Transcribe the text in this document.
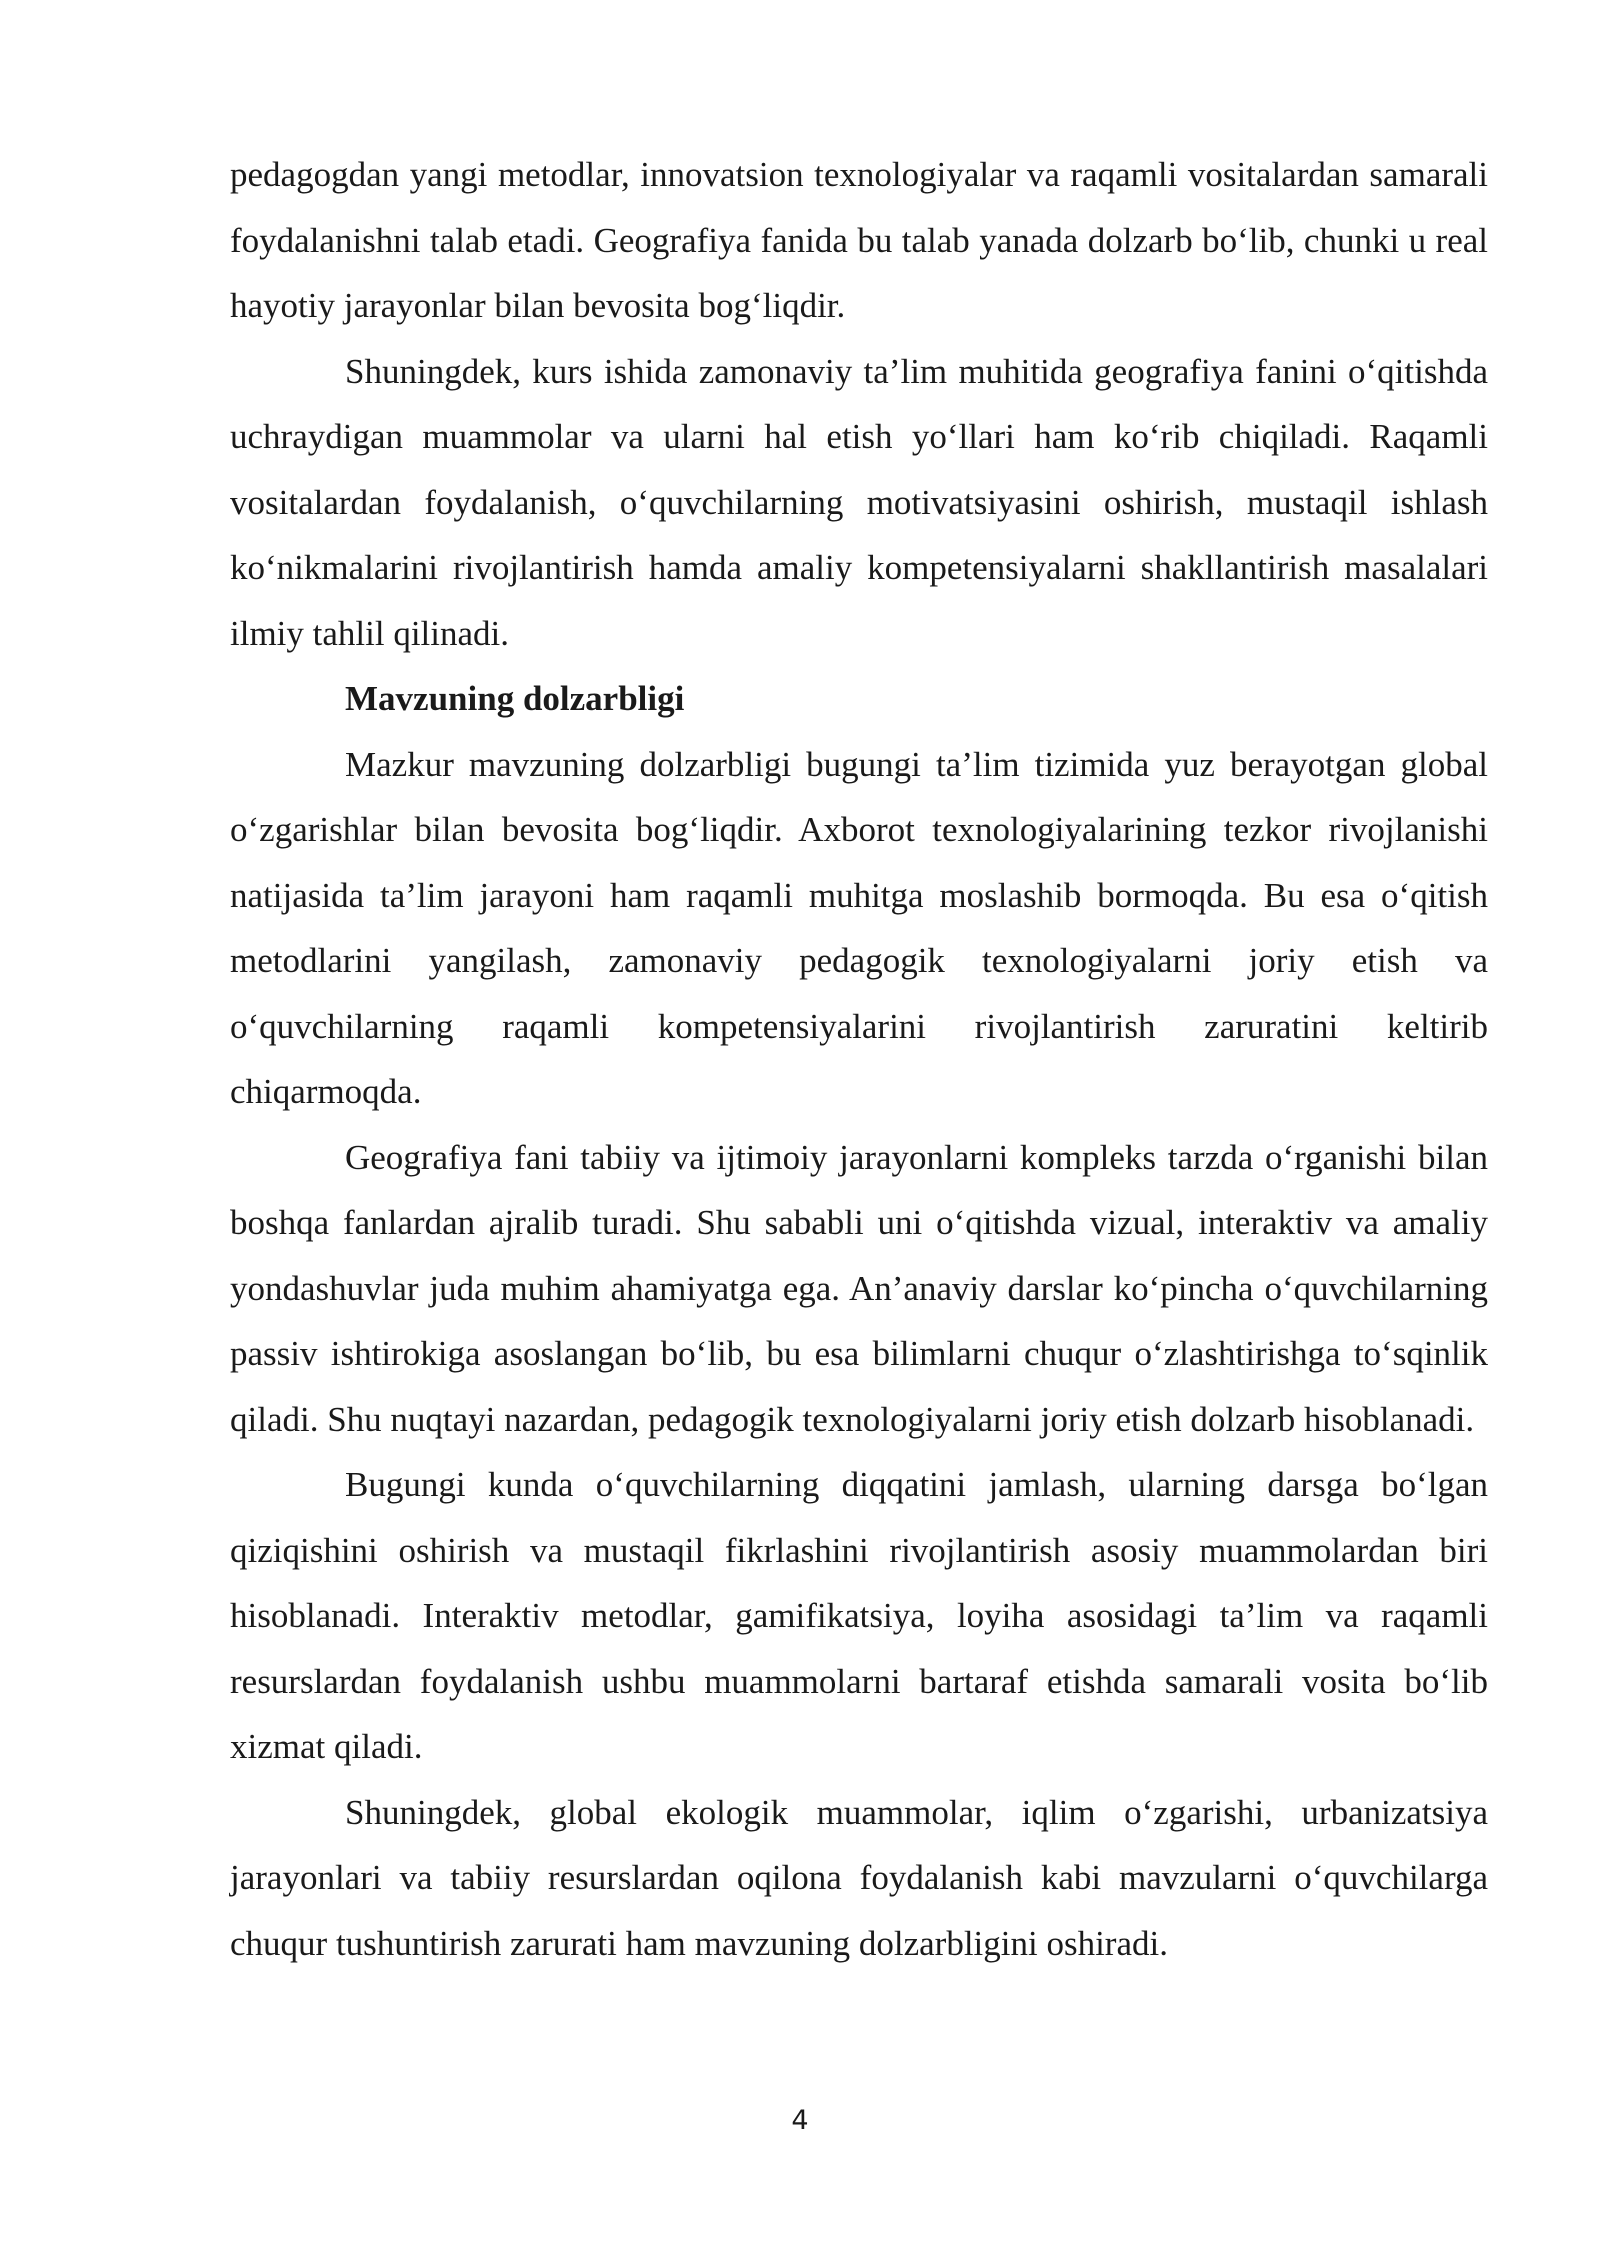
pedagogdan yangi metodlar, innovatsion texnologiyalar va raqamli vositalardan samarali foydalanishni talab etadi. Geografiya fanida bu talab yanada dolzarb bo‘lib, chunki u real hayotiy jarayonlar bilan bevosita bog‘liqdir.

Shuningdek, kurs ishida zamonaviy ta’lim muhitida geografiya fanini o‘qitishda uchraydigan muammolar va ularni hal etish yo‘llari ham ko‘rib chiqiladi. Raqamli vositalardan foydalanish, o‘quvchilarning motivatsiyasini oshirish, mustaqil ishlash ko‘nikmalarini rivojlantirish hamda amaliy kompetensiyalarni shakllantirish masalalari ilmiy tahlil qilinadi.

Mavzuning dolzarbligi

Mazkur mavzuning dolzarbligi bugungi ta’lim tizimida yuz berayotgan global o‘zgarishlar bilan bevosita bog‘liqdir. Axborot texnologiyalarining tezkor rivojlanishi natijasida ta’lim jarayoni ham raqamli muhitga moslashib bormoqda. Bu esa o‘qitish metodlarini yangilash, zamonaviy pedagogik texnologiyalarni joriy etish va o‘quvchilarning raqamli kompetensiyalarini rivojlantirish zaruratini keltirib chiqarmoqda.

Geografiya fani tabiiy va ijtimoiy jarayonlarni kompleks tarzda o‘rganishi bilan boshqa fanlardan ajralib turadi. Shu sababli uni o‘qitishda vizual, interaktiv va amaliy yondashuvlar juda muhim ahamiyatga ega. An’anaviy darslar ko‘pincha o‘quvchilarning passiv ishtirokiga asoslangan bo‘lib, bu esa bilimlarni chuqur o‘zlashtirishga to‘sqinlik qiladi. Shu nuqtayi nazardan, pedagogik texnologiyalarni joriy etish dolzarb hisoblanadi.

Bugungi kunda o‘quvchilarning diqqatini jamlash, ularning darsga bo‘lgan qiziqishini oshirish va mustaqil fikrlashini rivojlantirish asosiy muammolardan biri hisoblanadi. Interaktiv metodlar, gamifikatsiya, loyiha asosidagi ta’lim va raqamli resurslardan foydalanish ushbu muammolarni bartaraf etishda samarali vosita bo‘lib xizmat qiladi.

Shuningdek, global ekologik muammolar, iqlim o‘zgarishi, urbanizatsiya jarayonlari va tabiiy resurslardan oqilona foydalanish kabi mavzularni o‘quvchilarga chuqur tushuntirish zarurati ham mavzuning dolzarbligini oshiradi.

4
